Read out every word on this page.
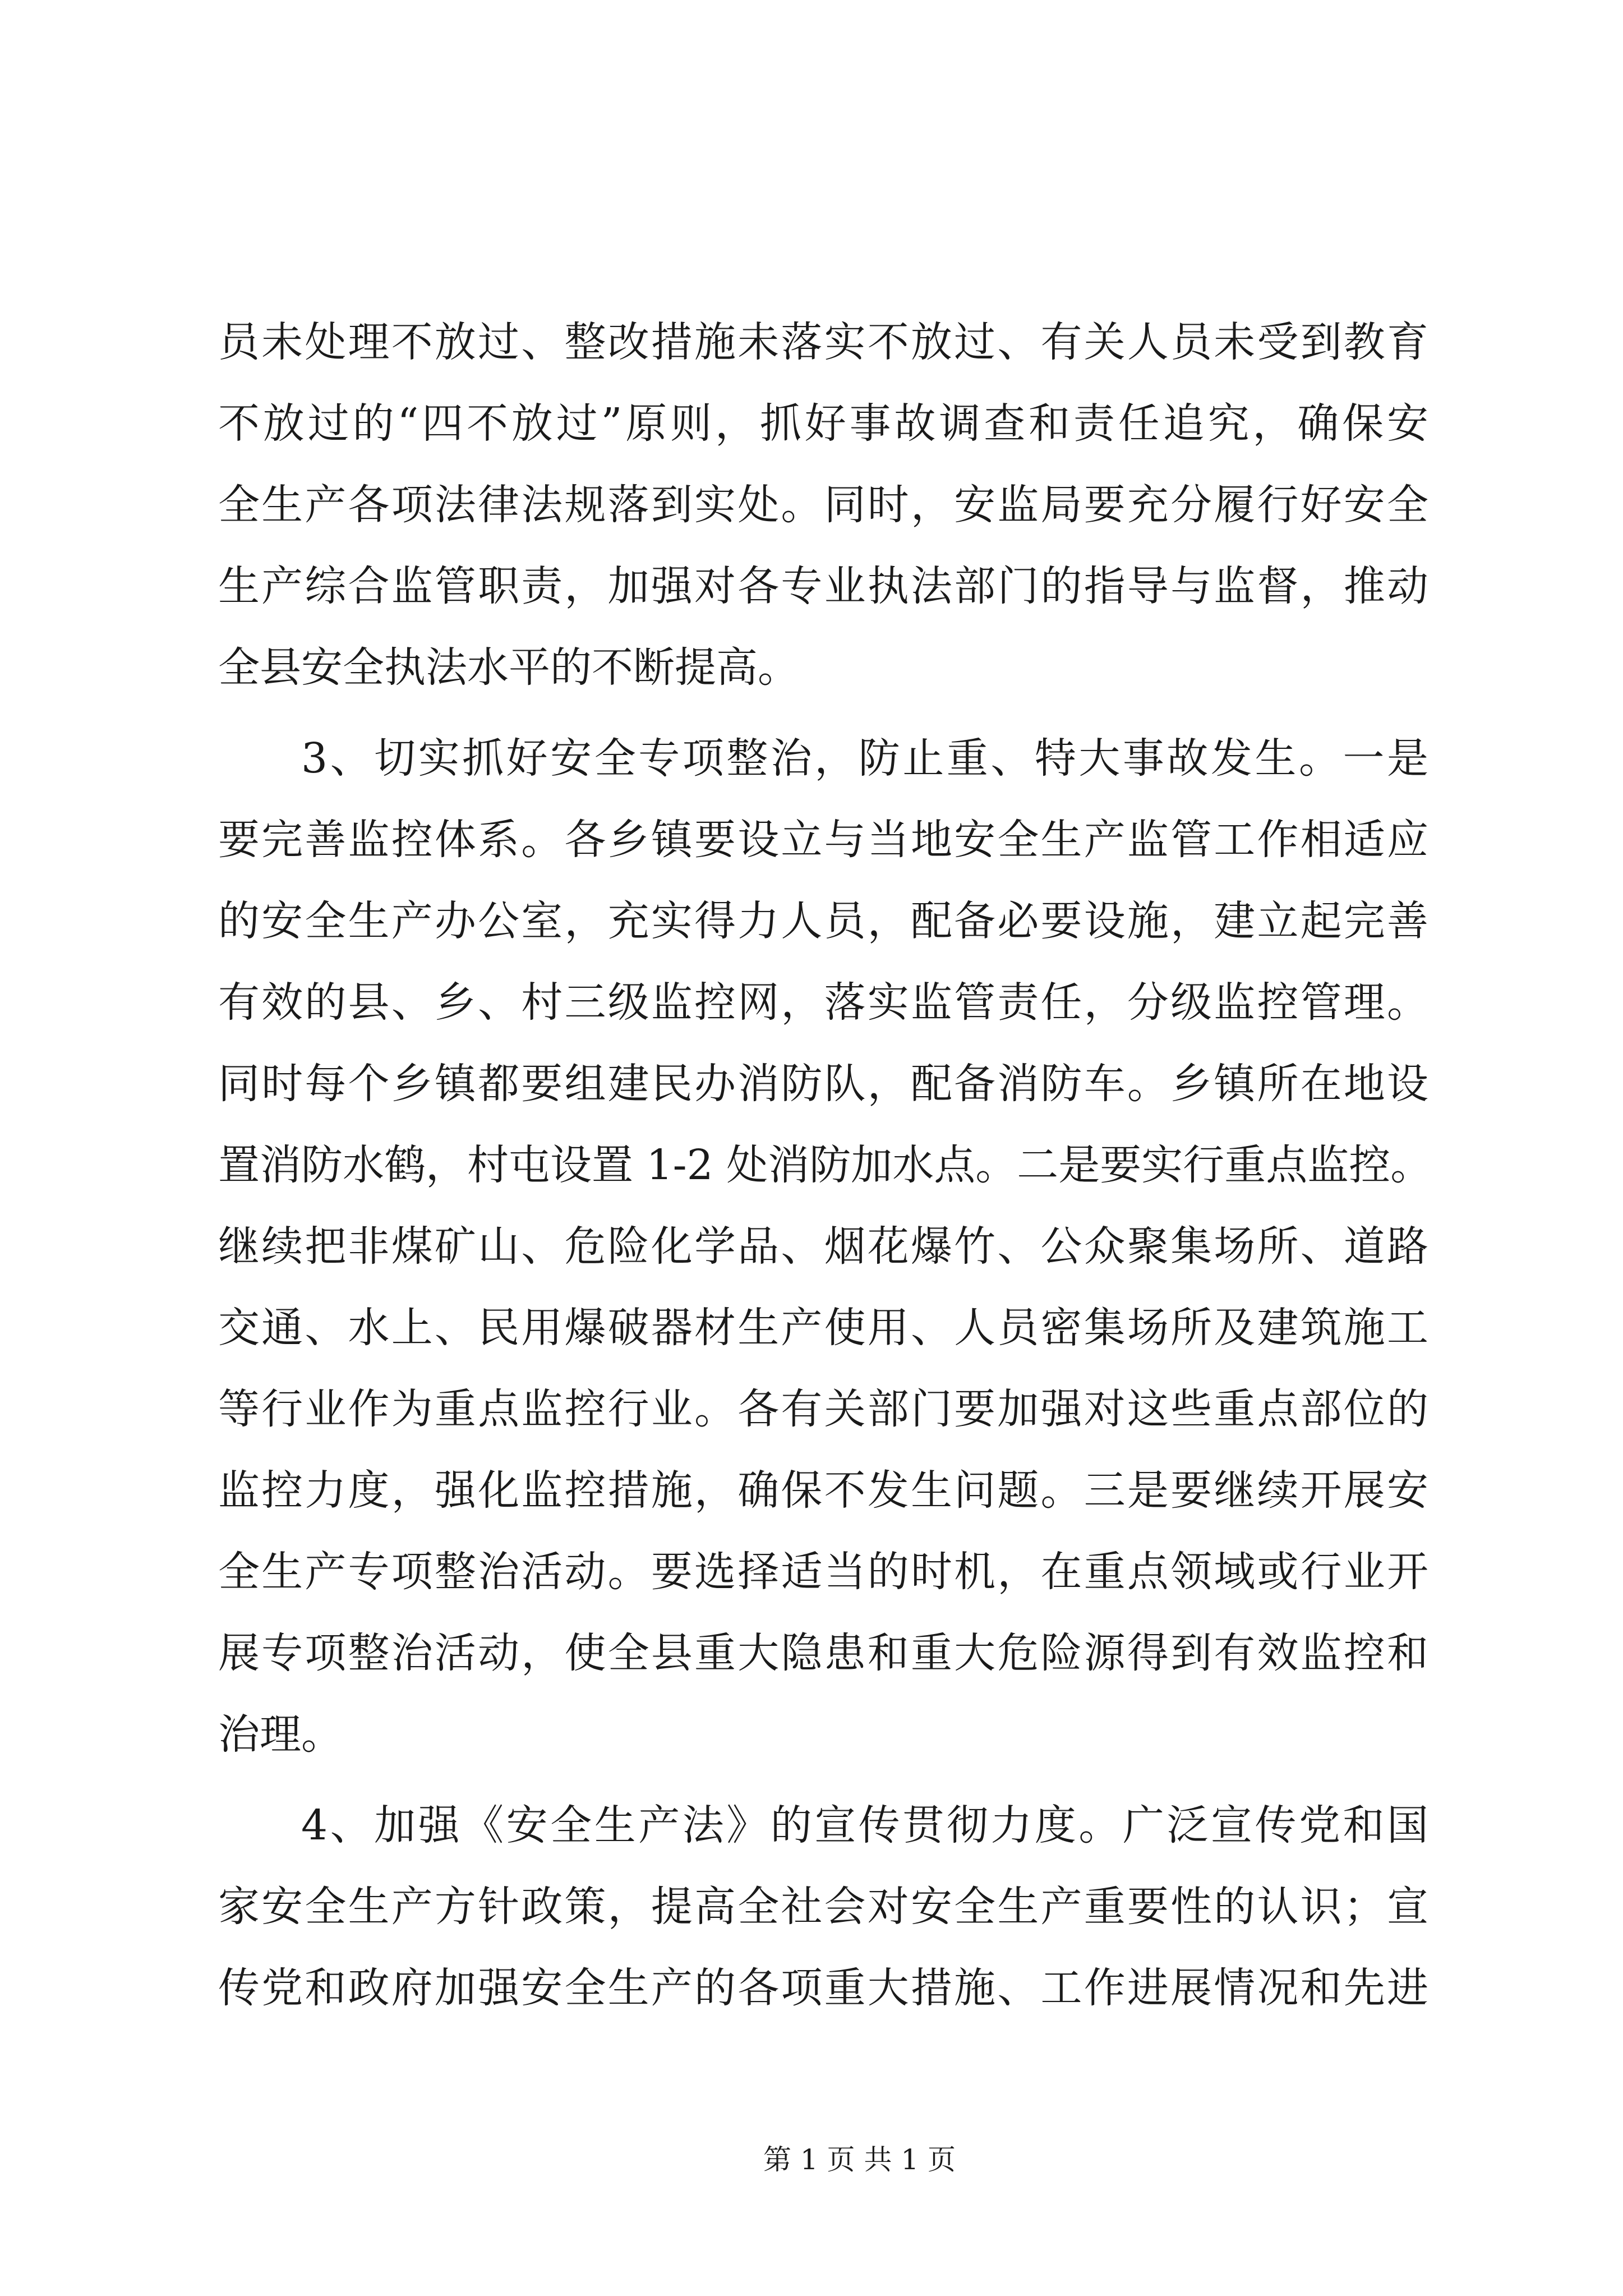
员未处理不放过、整改措施未落实不放过、有关人员未受到教育
不放过的“四不放过”原则，抓好事故调查和责任追究，确保安
全生产各项法律法规落到实处。同时，安监局要充分履行好安全
生产综合监管职责，加强对各专业执法部门的指导与监督，推动
全县安全执法水平的不断提高。
3、切实抓好安全专项整治，防止重、特大事故发生。一是
要完善监控体系。各乡镇要设立与当地安全生产监管工作相适应
的安全生产办公室，充实得力人员，配备必要设施，建立起完善
有效的县、乡、村三级监控网，落实监管责任，分级监控管理。
同时每个乡镇都要组建民办消防队，配备消防车。乡镇所在地设
置消防水鹤，村屯设置 1-2 处消防加水点。二是要实行重点监控。
继续把非煤矿山、危险化学品、烟花爆竹、公众聚集场所、道路
交通、水上、民用爆破器材生产使用、人员密集场所及建筑施工
等行业作为重点监控行业。各有关部门要加强对这些重点部位的
监控力度，强化监控措施，确保不发生问题。三是要继续开展安
全生产专项整治活动。要选择适当的时机，在重点领域或行业开
展专项整治活动，使全县重大隐患和重大危险源得到有效监控和
治理。
4、加强《安全生产法》的宣传贯彻力度。广泛宣传党和国
家安全生产方针政策，提高全社会对安全生产重要性的认识；宣
传党和政府加强安全生产的各项重大措施、工作进展情况和先进
第 1 页 共 1 页
